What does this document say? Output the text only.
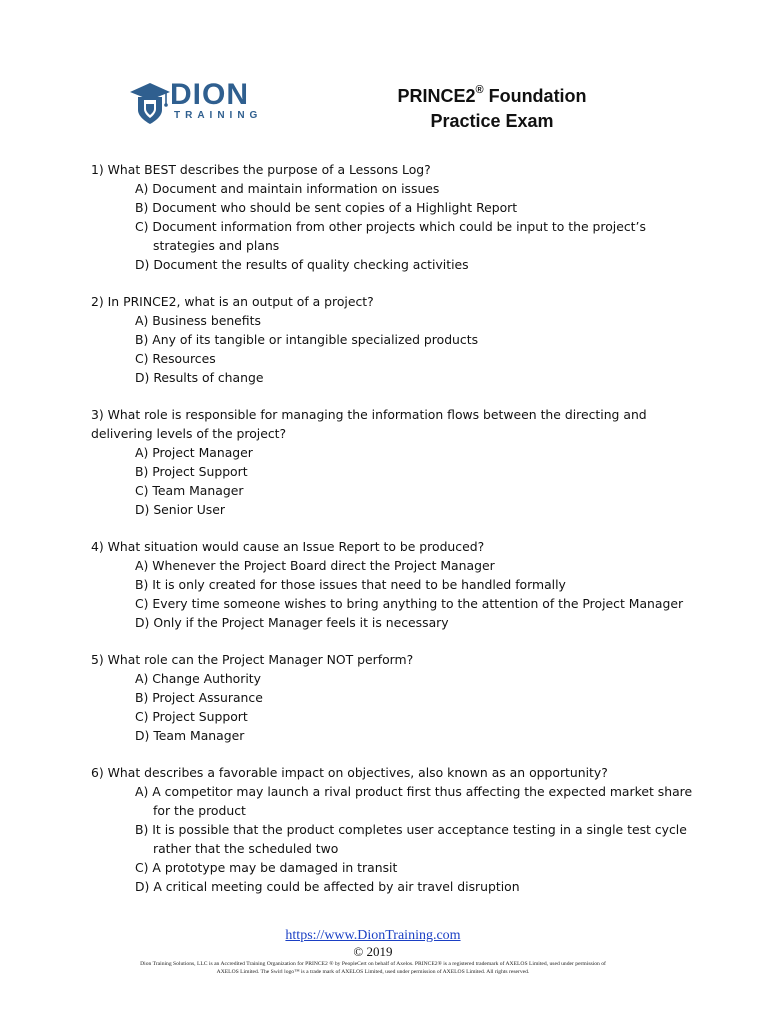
DION
TRAINING
PRINCE2® Foundation
Practice Exam

1) What BEST describes the purpose of a Lessons Log?

A) Document and maintain information on issues
B) Document who should be sent copies of a Highlight Report
C) Document information from other projects which could be input to the project’s strategies and plans
D) Document the results of quality checking activities

2) In PRINCE2, what is an output of a project?

A) Business benefits
B) Any of its tangible or intangible specialized products
C) Resources
D) Results of change

3) What role is responsible for managing the information flows between the directing and delivering levels of the project?

A) Project Manager
B) Project Support
C) Team Manager
D) Senior User

4) What situation would cause an Issue Report to be produced?

A) Whenever the Project Board direct the Project Manager
B) It is only created for those issues that need to be handled formally
C) Every time someone wishes to bring anything to the attention of the Project Manager
D) Only if the Project Manager feels it is necessary

5) What role can the Project Manager NOT perform?

A) Change Authority
B) Project Assurance
C) Project Support
D) Team Manager

6) What describes a favorable impact on objectives, also known as an opportunity?

A) A competitor may launch a rival product first thus affecting the expected market share for the product
B) It is possible that the product completes user acceptance testing in a single test cycle rather that the scheduled two
C) A prototype may be damaged in transit
D) A critical meeting could be affected by air travel disruption
https://www.DionTraining.com
© 2019
Dion Training Solutions, LLC is an Accredited Training Organization for PRINCE2 ® by PeopleCert on behalf of Axelos. PRINCE2® is a registered trademark of AXELOS Limited, used under permission of
AXELOS Limited. The Swirl logo™ is a trade mark of AXELOS Limited, used under permission of AXELOS Limited. All rights reserved.
